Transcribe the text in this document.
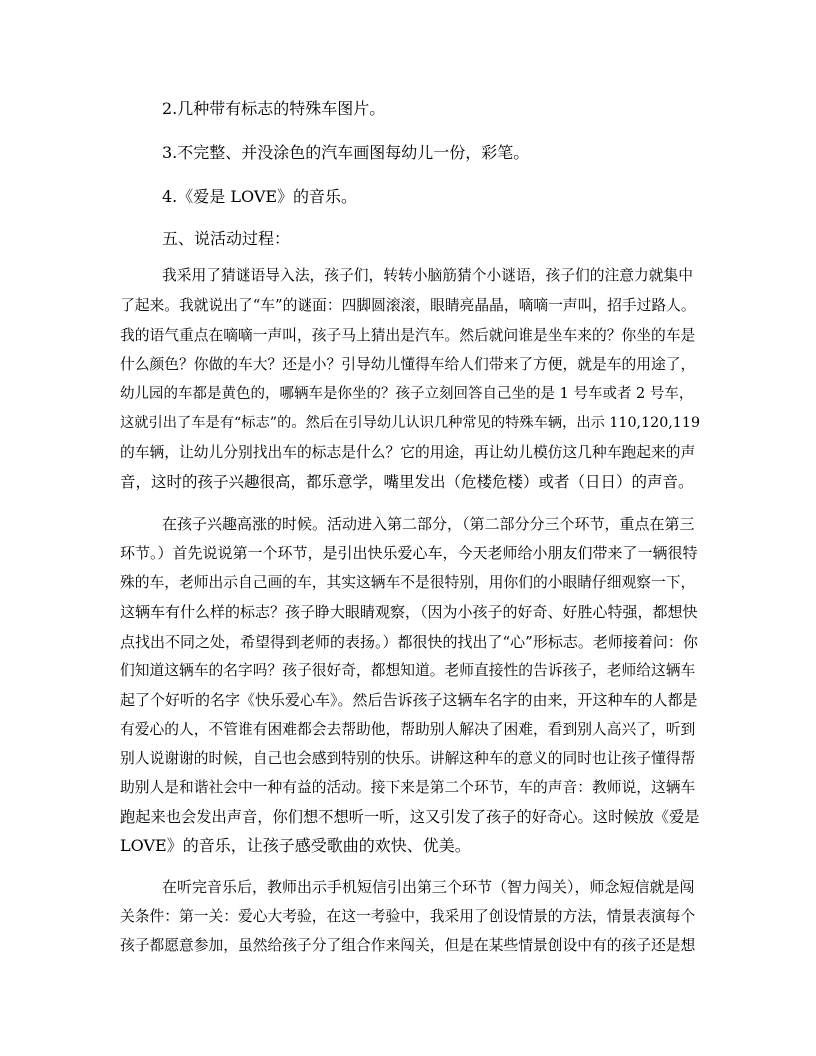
2.几种带有标志的特殊车图片。
3.不完整、并没涂色的汽车画图每幼儿一份，彩笔。
4.《爱是 LOVE》的音乐。
五、说活动过程：
我采用了猜谜语导入法，孩子们，转转小脑筋猜个小谜语，孩子们的注意力就集中
了起来。我就说出了“车”的谜面：四脚圆滚滚，眼睛亮晶晶，嘀嘀一声叫，招手过路人。
我的语气重点在嘀嘀一声叫，孩子马上猜出是汽车。然后就问谁是坐车来的？你坐的车是
什么颜色？你做的车大？还是小？引导幼儿懂得车给人们带来了方便，就是车的用途了，
幼儿园的车都是黄色的，哪辆车是你坐的？孩子立刻回答自己坐的是 1 号车或者 2 号车，
这就引出了车是有“标志”的。然后在引导幼儿认识几种常见的特殊车辆，出示 110,120,119
的车辆，让幼儿分别找出车的标志是什么？它的用途，再让幼儿模仿这几种车跑起来的声
音，这时的孩子兴趣很高，都乐意学，嘴里发出（危楼危楼）或者（日日）的声音。
在孩子兴趣高涨的时候。活动进入第二部分，（第二部分分三个环节，重点在第三
环节。）首先说说第一个环节，是引出快乐爱心车，今天老师给小朋友们带来了一辆很特
殊的车，老师出示自己画的车，其实这辆车不是很特别，用你们的小眼睛仔细观察一下，
这辆车有什么样的标志？孩子睁大眼睛观察，（因为小孩子的好奇、好胜心特强，都想快
点找出不同之处，希望得到老师的表扬。）都很快的找出了“心”形标志。老师接着问：你
们知道这辆车的名字吗？孩子很好奇，都想知道。老师直接性的告诉孩子，老师给这辆车
起了个好听的名字《快乐爱心车》。然后告诉孩子这辆车名字的由来，开这种车的人都是
有爱心的人，不管谁有困难都会去帮助他，帮助别人解决了困难，看到别人高兴了，听到
别人说谢谢的时候，自己也会感到特别的快乐。讲解这种车的意义的同时也让孩子懂得帮
助别人是和谐社会中一种有益的活动。接下来是第二个环节，车的声音：教师说，这辆车
跑起来也会发出声音，你们想不想听一听，这又引发了孩子的好奇心。这时候放《爱是
LOVE》的音乐，让孩子感受歌曲的欢快、优美。
在听完音乐后，教师出示手机短信引出第三个环节（智力闯关），师念短信就是闯
关条件：第一关：爱心大考验，在这一考验中，我采用了创设情景的方法，情景表演每个
孩子都愿意参加，虽然给孩子分了组合作来闯关，但是在某些情景创设中有的孩子还是想
